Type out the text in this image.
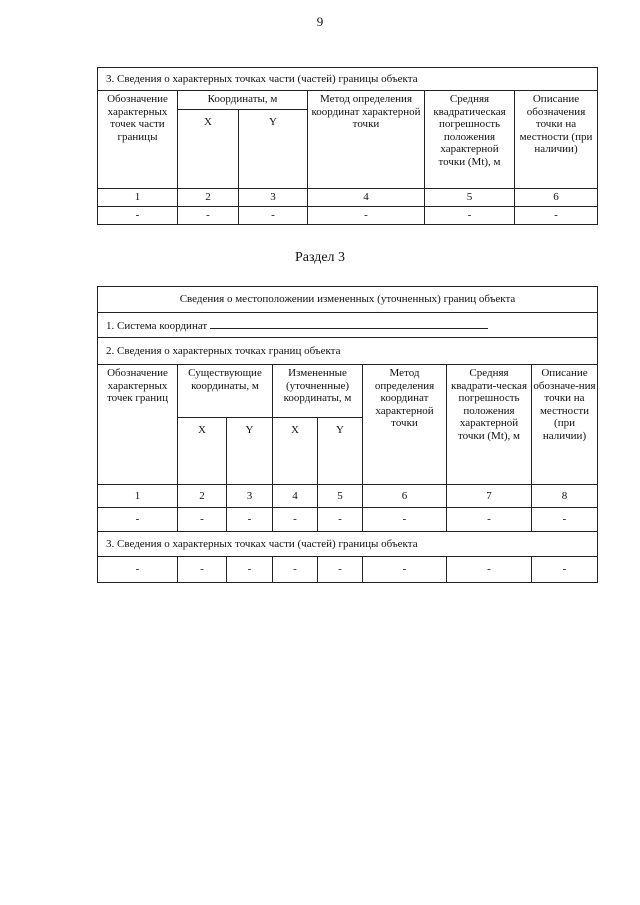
9
3. Сведения о характерных точках части (частей) границы объекта					
Обозначение характерных точек части границы	Координаты, м		Метод определения координат характерной точки	Средняя квадратическая погрешность положения характерной точки (Mt), м	Описание обозначения точки на местности (при наличии)
	X	Y			
1	2	3	4	5	6
-	-	-	-	-	-
Раздел 3
Сведения о местоположении измененных (уточненных) границ объекта							
1. Система координат							
2. Сведения о характерных точках границ объекта							
Обозначение характерных точек границ	Существующие координаты, м		Измененные (уточненные) координаты, м		Метод определения координат характерной точки	Средняя квадрати-ческая погрешность положения характерной точки (Mt), м	Описание обозначе-ния точки на местности (при наличии)
	X	Y	X	Y			
1	2	3	4	5	6	7	8
-	-	-	-	-	-	-	-
3. Сведения о характерных точках части (частей) границы объекта							
-	-	-	-	-	-	-	-
